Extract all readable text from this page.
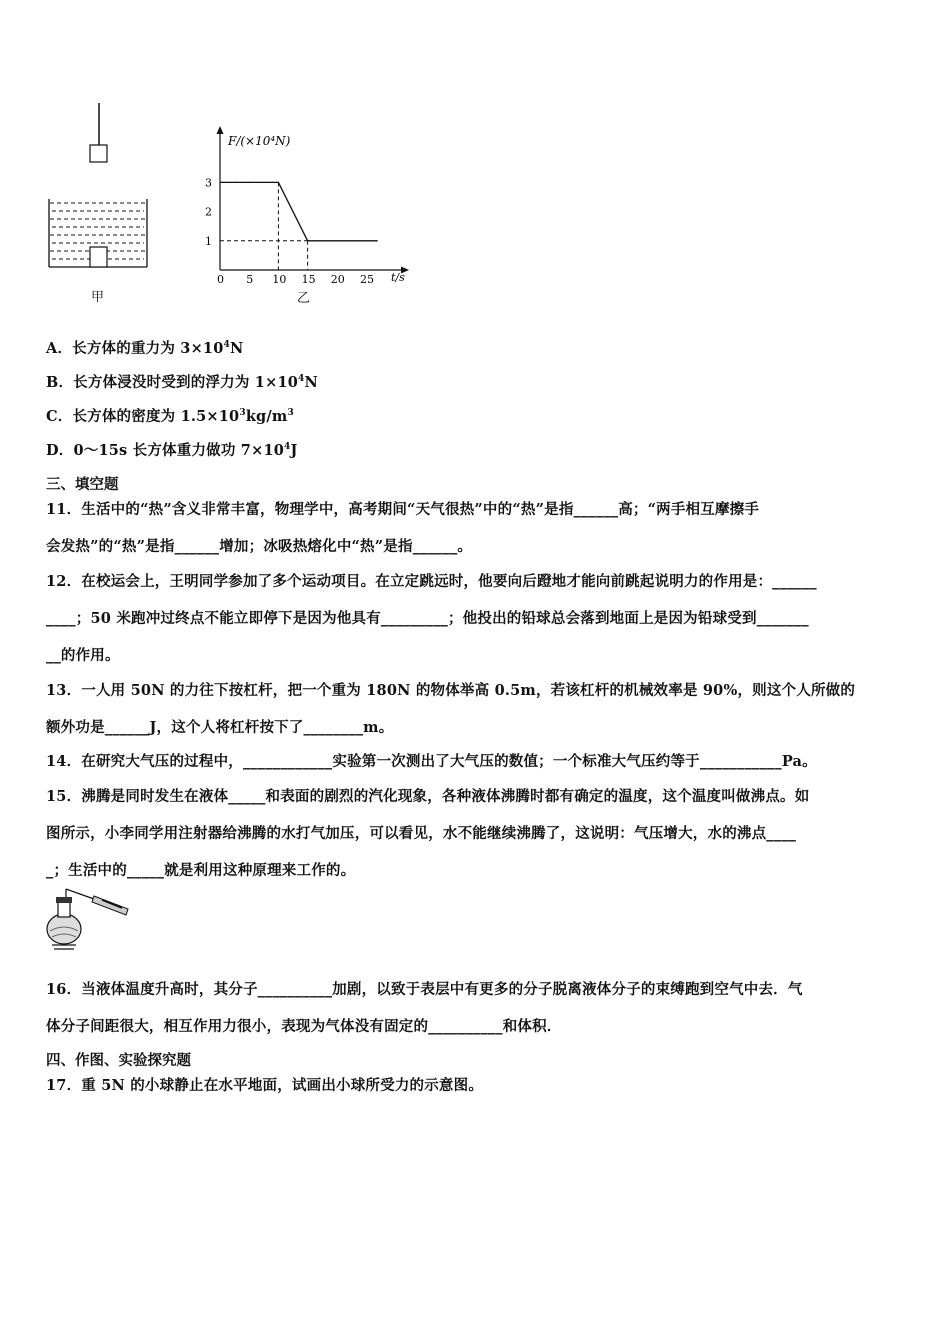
甲
F/(×10⁴N)
t/s
1
2
3
0 5 10 15 20 25
乙
A．长方体的重力为 $3\times 10^4N$
B．长方体浸没时受到的浮力为 $1\times 10^4N$
C．长方体的密度为 $1.5\times 10^3kg/m^3$
D．0～15s 长方体重力做功 $7\times 10^4J$
三、填空题
11．生活中的“热”含义非常丰富，物理学中，高考期间“天气很热”中的“热”是指______高；“两手相互摩擦手
会发热”的“热”是指______增加；冰吸热熔化中“热”是指______。
12．在校运会上，王明同学参加了多个运动项目。在立定跳远时，他要向后蹬地才能向前跳起说明力的作用是：______
____；50 米跑冲过终点不能立即停下是因为他具有_________；他投出的铅球总会落到地面上是因为铅球受到_______
__的作用。
13．一人用 50N 的力往下按杠杆，把一个重为 180N 的物体举高 0.5m，若该杠杆的机械效率是 90%，则这个人所做的
额外功是______J，这个人将杠杆按下了________m。
14．在研究大气压的过程中，____________实验第一次测出了大气压的数值；一个标准大气压约等于___________Pa。
15．沸腾是同时发生在液体_____和表面的剧烈的汽化现象，各种液体沸腾时都有确定的温度，这个温度叫做沸点。如
图所示，小李同学用注射器给沸腾的水打气加压，可以看见，水不能继续沸腾了，这说明：气压增大，水的沸点____
_；生活中的_____就是利用这种原理来工作的。
16．当液体温度升高时，其分子__________加剧，以致于表层中有更多的分子脱离液体分子的束缚跑到空气中去．气
体分子间距很大，相互作用力很小，表现为气体没有固定的__________和体积．
四、作图、实验探究题
17．重 5N 的小球静止在水平地面，试画出小球所受力的示意图。
